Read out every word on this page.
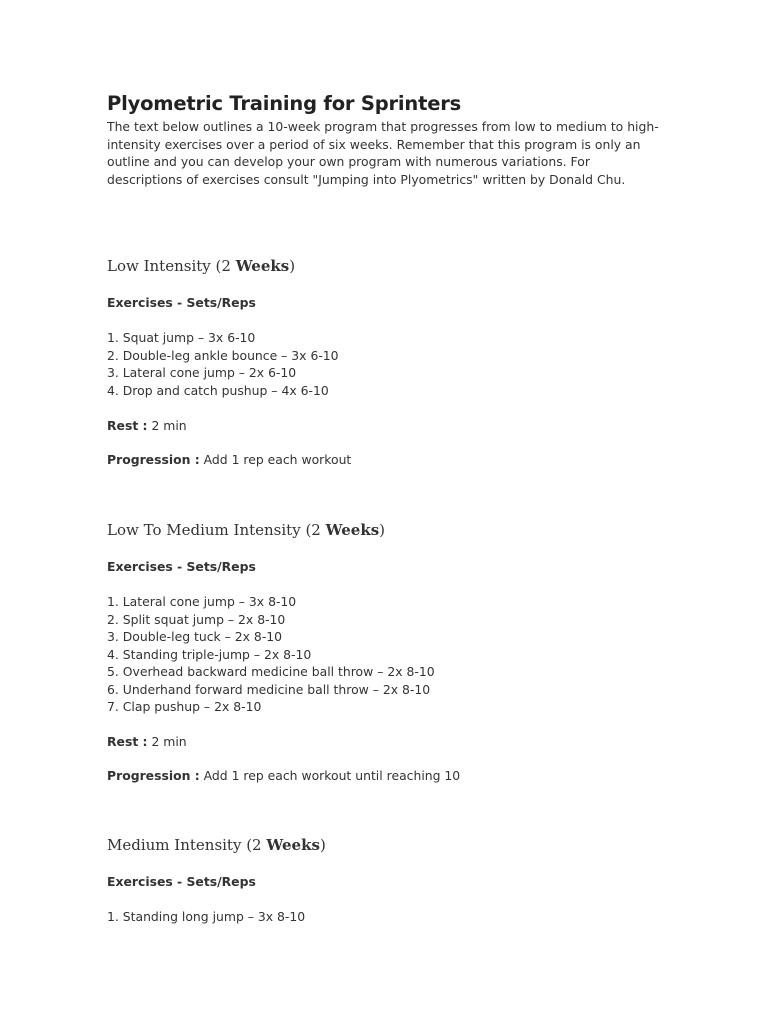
Plyometric Training for Sprinters

The text below outlines a 10-week program that progresses from low to medium to high-intensity exercises over a period of six weeks. Remember that this program is only an outline and you can develop your own program with numerous variations. For descriptions of exercises consult "Jumping into Plyometrics" written by Donald Chu.

Low Intensity (2 Weeks)

Exercises - Sets/Reps

1. Squat jump – 3x 6-10
2. Double-leg ankle bounce – 3x 6-10
3. Lateral cone jump – 2x 6-10
4. Drop and catch pushup – 4x 6-10

Rest : 2 min

Progression : Add 1 rep each workout

Low To Medium Intensity (2 Weeks)

Exercises - Sets/Reps

1. Lateral cone jump – 3x 8-10
2. Split squat jump – 2x 8-10
3. Double-leg tuck – 2x 8-10
4. Standing triple-jump – 2x 8-10
5. Overhead backward medicine ball throw – 2x 8-10
6. Underhand forward medicine ball throw – 2x 8-10
7. Clap pushup – 2x 8-10

Rest : 2 min

Progression : Add 1 rep each workout until reaching 10

Medium Intensity (2 Weeks)

Exercises - Sets/Reps

1. Standing long jump – 3x 8-10
